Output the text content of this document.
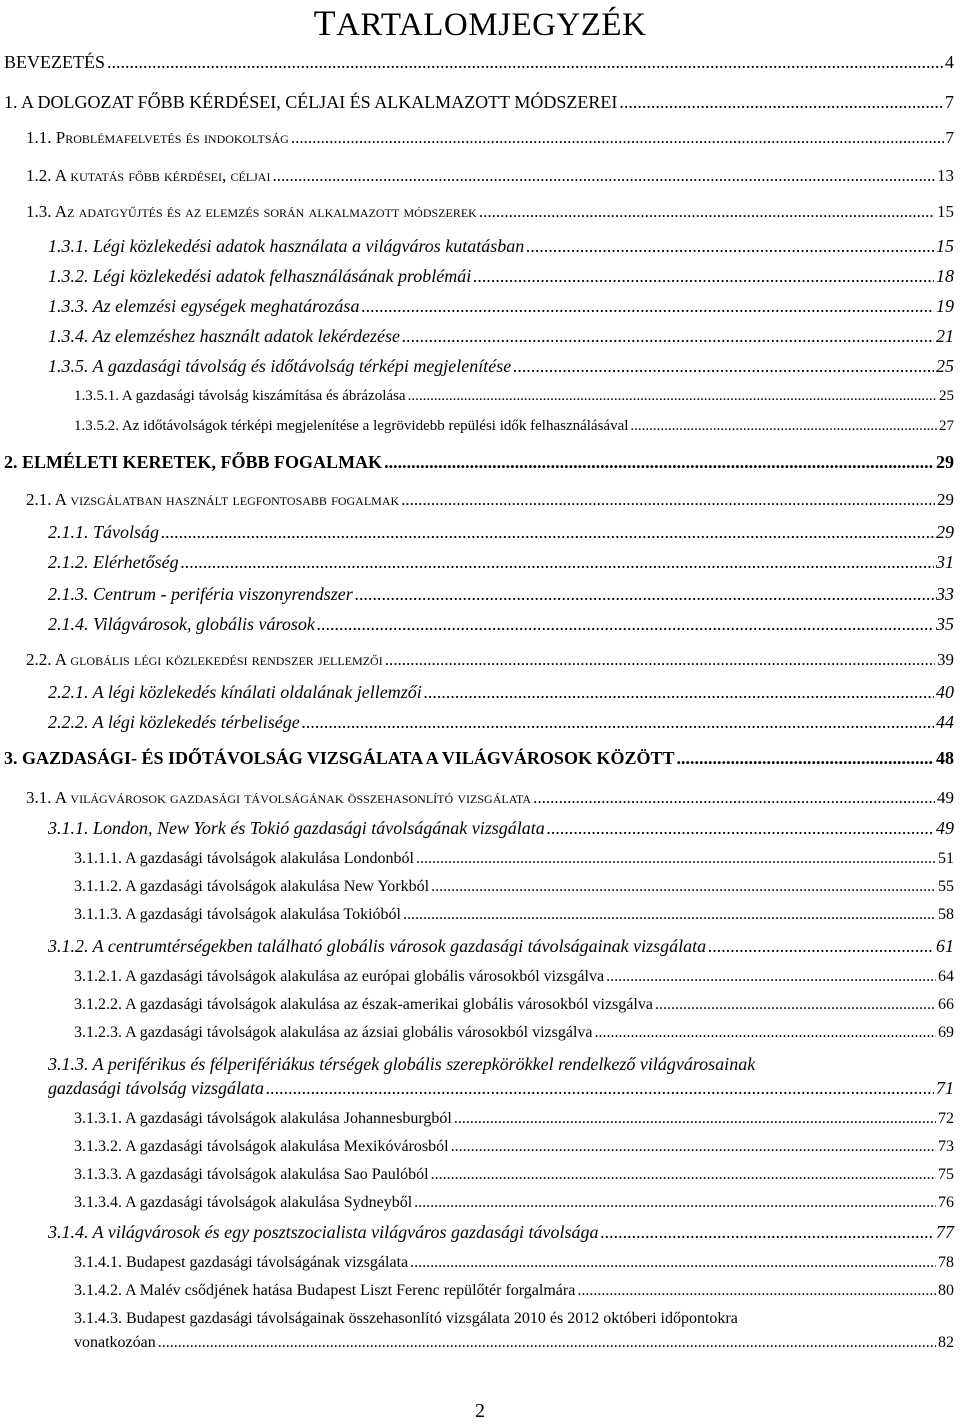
TARTALOMJEGYZÉK
BEVEZETÉS .....	4
1. A DOLGOZAT FŐBB KÉRDÉSEI, CÉLJAI ÉS ALKALMAZOTT MÓDSZEREI .....	7
1.1. Problémafelvetés és indokoltság .....	7
1.2. A kutatás főbb kérdései, céljai .....	13
1.3. Az adatgyűjtés és az elemzés során alkalmazott módszerek .....	15
1.3.1. Légi közlekedési adatok használata a világváros kutatásban .....	15
1.3.2. Légi közlekedési adatok felhasználásának problémái .....	18
1.3.3. Az elemzési egységek meghatározása .....	19
1.3.4. Az elemzéshez használt adatok lekérdezése .....	21
1.3.5. A gazdasági távolság és időtávolság térképi megjelenítése .....	25
1.3.5.1. A gazdasági távolság kiszámítása és ábrázolása .....	25
1.3.5.2. Az időtávolságok térképi megjelenítése a legrövidebb repülési idők felhasználásával .....	27
2. ELMÉLETI KERETEK, FŐBB FOGALMAK .....	29
2.1. A vizsgálatban használt legfontosabb fogalmak .....	29
2.1.1. Távolság .....	29
2.1.2. Elérhetőség .....	31
2.1.3. Centrum - periféria viszonyrendszer .....	33
2.1.4. Világvárosok, globális városok .....	35
2.2. A globális légi közlekedési rendszer jellemzői .....	39
2.2.1. A légi közlekedés kínálati oldalának jellemzői .....	40
2.2.2. A légi közlekedés térbelisége .....	44
3. GAZDASÁGI- ÉS IDŐTÁVOLSÁG VIZSGÁLATA A VILÁGVÁROSOK KÖZÖTT .....	48
3.1. A világvárosok gazdasági távolságának összehasonlító vizsgálata .....	49
3.1.1. London, New York és Tokió gazdasági távolságának vizsgálata .....	49
3.1.1.1. A gazdasági távolságok alakulása Londonból .....	51
3.1.1.2. A gazdasági távolságok alakulása New Yorkból .....	55
3.1.1.3. A gazdasági távolságok alakulása Tokióból .....	58
3.1.2. A centrumtérségekben található globális városok gazdasági távolságainak vizsgálata .....	61
3.1.2.1. A gazdasági távolságok alakulása az európai globális városokból vizsgálva .....	64
3.1.2.2. A gazdasági távolságok alakulása az észak-amerikai globális városokból vizsgálva .....	66
3.1.2.3. A gazdasági távolságok alakulása az ázsiai globális városokból vizsgálva .....	69
3.1.3. A periférikus és félperifériákus térségek globális szerepkörökkel rendelkező világvárosainak
gazdasági távolság vizsgálata .....	71
3.1.3.1. A gazdasági távolságok alakulása Johannesburgból .....	72
3.1.3.2. A gazdasági távolságok alakulása Mexikóvárosból .....	73
3.1.3.3. A gazdasági távolságok alakulása Sao Paulóból .....	75
3.1.3.4. A gazdasági távolságok alakulása Sydneyből .....	76
3.1.4. A világvárosok és egy posztszocialista világváros gazdasági távolsága .....	77
3.1.4.1. Budapest gazdasági távolságának vizsgálata .....	78
3.1.4.2. A Malév csődjének hatása Budapest Liszt Ferenc repülőtér forgalmára .....	80
3.1.4.3. Budapest gazdasági távolságainak összehasonlító vizsgálata 2010 és 2012 októberi időpontokra
vonatkozóan .....	82
2
